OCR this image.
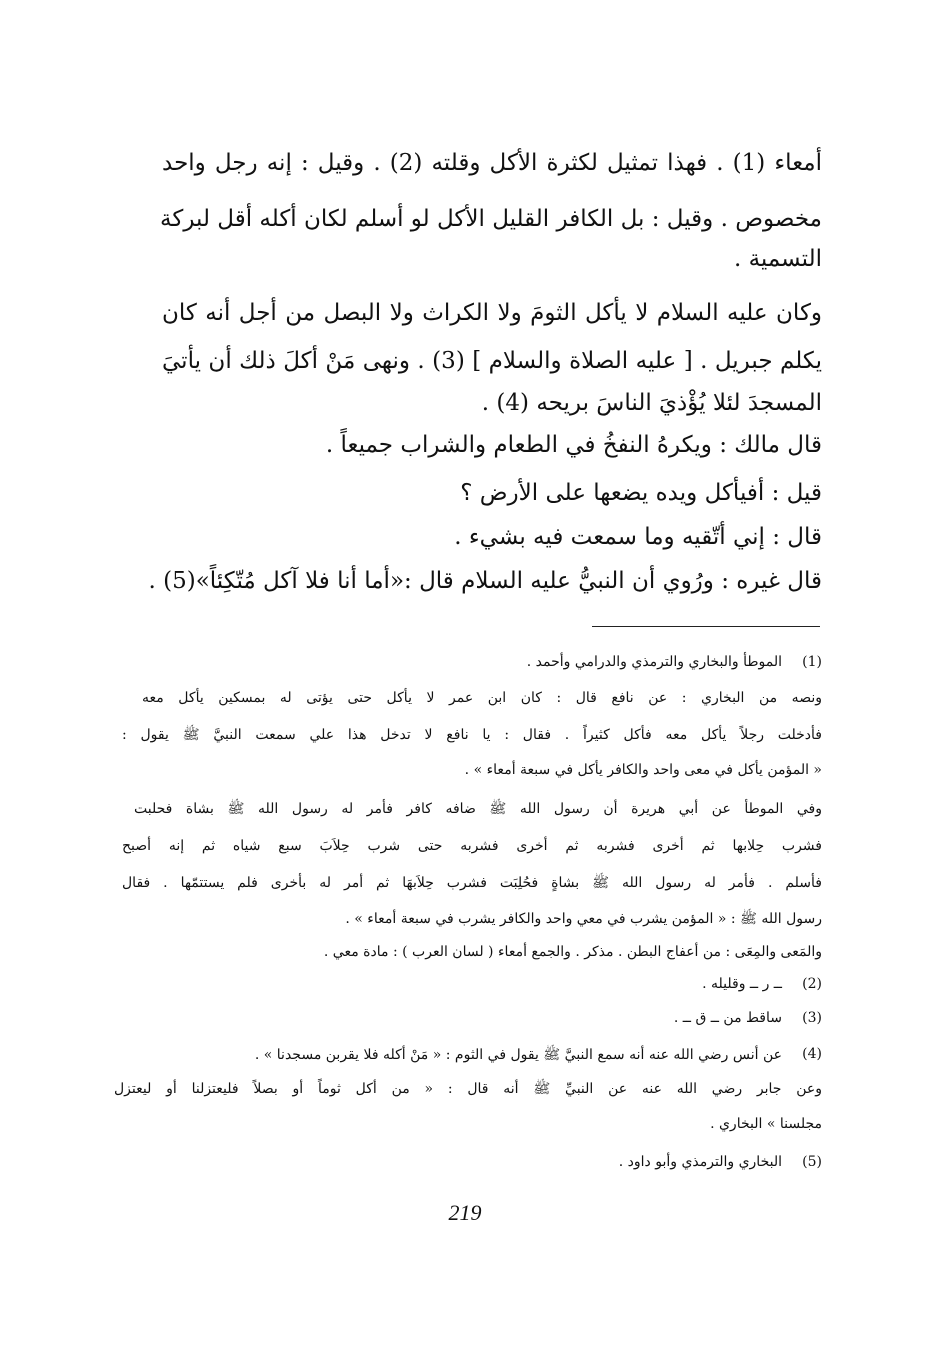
أمعاء (1) . فهذا تمثيل لكثرة الأكل وقلته (2) . وقيل : إنه رجل واحد
مخصوص . وقيل : بل الكافر القليل الأكل لو أسلم لكان أكله أقل لبركة
التسمية .
وكان عليه السلام لا يأكل الثومَ ولا الكراث ولا البصل من أجل أنه كان
يكلم جبريل . [ عليه الصلاة والسلام ] (3) . ونهى مَنْ أكلَ ذلك أن يأتيَ
المسجدَ لئلا يُؤْذيَ الناسَ بريحه (4) .
قال مالك : ويكرهُ النفخُ في الطعام والشراب جميعاً .
قيل : أفيأكل ويده يضعها على الأرض ؟
قال : إني أتّقيه وما سمعت فيه بشيء .
قال غيره : ورُوي أن النبيُّ عليه السلام قال :«أما أنا فلا آكل مُتّكِئاً»(5) .
(1)
الموطأ والبخاري والترمذي والدرامي وأحمد .
ونصه من البخاري : عن نافع قال : كان ابن عمر لا يأكل حتى يؤتى له بمسكين يأكل معه
فأدخلت رجلاً يأكل معه فأكل كثيراً . فقال : يا نافع لا تدخل هذا علي سمعت النبيَّ ﷺ يقول :
« المؤمن يأكل في معى واحد والكافر يأكل في سبعة أمعاء » .
وفي الموطأ عن أبي هريرة أن رسول الله ﷺ ضافه كافر فأمر له رسول الله ﷺ بشاة فحلبت
فشرب حِلابها ثم أخرى فشربه ثم أخرى فشربه حتى شرب حِلاَبَ سبع شياه ثم إنه أصبح
فأسلم . فأمر له رسول الله ﷺ بشاةٍ فحُلِبَت فشرب حِلاَبهَا ثم أمر له بأخرى فلم يستتمّها . فقال
رسول الله ﷺ : « المؤمن يشرب في معي واحد والكافر يشرب في سبعة أمعاء » .
والمَعى والمِعَى : من أعفاج البطن . مذكر . والجمع أمعاء ( لسان العرب ) : مادة معي .
(2)
ــ ر ــ وقليله .
(3)
ساقط من ــ ق ــ .
(4)
عن أنس رضي الله عنه أنه سمع النبيَّ ﷺ يقول في الثوم : « مَنْ أكله فلا يقربن مسجدنا » .
وعن جابر رضي الله عنه عن النبيِّ ﷺ أنه قال : « من أكل ثوماً أو بصلاً فليعتزلنا أو ليعتزل
مجلسنا » البخاري .
(5)
البخاري والترمذي وأبو داود .
219
